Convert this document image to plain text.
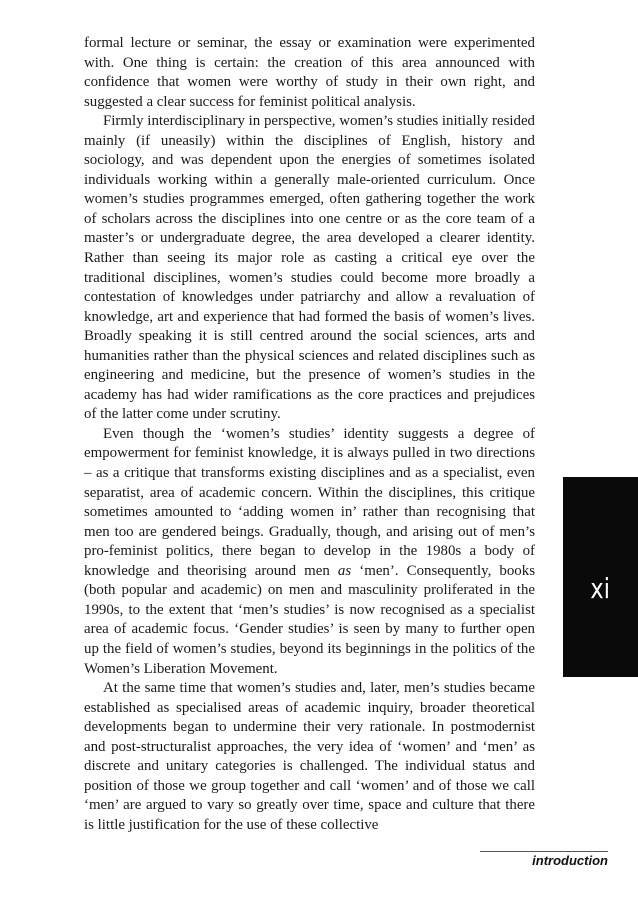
formal lecture or seminar, the essay or examination were experimented with. One thing is certain: the creation of this area announced with confidence that women were worthy of study in their own right, and suggested a clear success for feminist political analysis.

Firmly interdisciplinary in perspective, women’s studies initially resided mainly (if uneasily) within the disciplines of English, history and sociology, and was dependent upon the energies of sometimes isolated individuals working within a generally male-oriented curriculum. Once women’s studies programmes emerged, often gathering together the work of scholars across the disciplines into one centre or as the core team of a master’s or undergraduate degree, the area developed a clearer identity. Rather than seeing its major role as casting a critical eye over the traditional disciplines, women’s studies could become more broadly a contestation of knowledges under patriarchy and allow a revaluation of knowledge, art and experience that had formed the basis of women’s lives. Broadly speaking it is still centred around the social sciences, arts and humanities rather than the physical sciences and related disciplines such as engineering and medicine, but the presence of women’s studies in the academy has had wider ramifications as the core practices and prejudices of the latter come under scrutiny.

Even though the ‘women’s studies’ identity suggests a degree of empowerment for feminist knowledge, it is always pulled in two directions – as a critique that transforms existing disciplines and as a specialist, even separatist, area of academic concern. Within the disciplines, this critique sometimes amounted to ‘adding women in’ rather than recognising that men too are gendered beings. Gradually, though, and arising out of men’s pro-feminist politics, there began to develop in the 1980s a body of knowledge and theorising around men as ‘men’. Consequently, books (both popular and academic) on men and masculinity proliferated in the 1990s, to the extent that ‘men’s studies’ is now recognised as a specialist area of academic focus. ‘Gender studies’ is seen by many to further open up the field of women’s studies, beyond its beginnings in the politics of the Women’s Liberation Movement.

At the same time that women’s studies and, later, men’s studies became established as specialised areas of academic inquiry, broader theoretical developments began to undermine their very rationale. In postmodernist and post-structuralist approaches, the very idea of ‘women’ and ‘men’ as discrete and unitary categories is challenged. The individual status and position of those we group together and call ‘women’ and of those we call ‘men’ are argued to vary so greatly over time, space and culture that there is little justification for the use of these collective

xi
introduction
